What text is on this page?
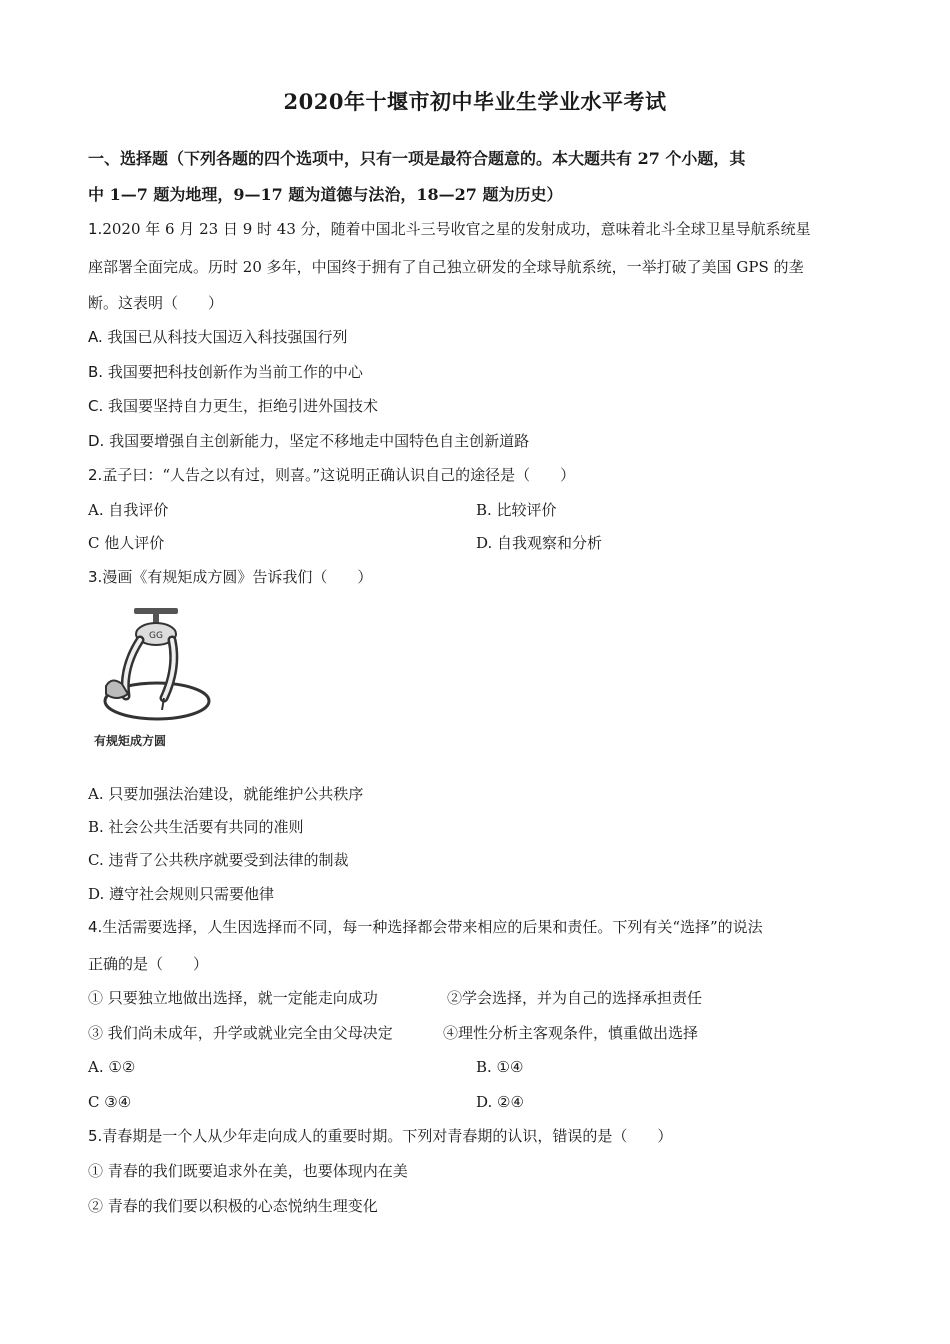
2020年十堰市初中毕业生学业水平考试
一、选择题（下列各题的四个选项中，只有一项是最符合题意的。本大题共有 27 个小题，其
中 1—7 题为地理，9—17 题为道德与法治，18—27 题为历史）
1.2020 年 6 月 23 日 9 时 43 分，随着中国北斗三号收官之星的发射成功，意味着北斗全球卫星导航系统星
座部署全面完成。历时 20 多年，中国终于拥有了自己独立研发的全球导航系统，一举打破了美国 GPS 的垄
断。这表明（　　）
A. 我国已从科技大国迈入科技强国行列
B. 我国要把科技创新作为当前工作的中心
C. 我国要坚持自力更生，拒绝引进外国技术
D. 我国要增强自主创新能力，坚定不移地走中国特色自主创新道路
2.孟子曰：“人告之以有过，则喜。”这说明正确认识自己的途径是（　　）
A. 自我评价	B. 比较评价
C 他人评价	D. 自我观察和分析
3.漫画《有规矩成方圆》告诉我们（　　）
GG
有规矩成方圆
A. 只要加强法治建设，就能维护公共秩序
B. 社会公共生活要有共同的准则
C. 违背了公共秩序就要受到法律的制裁
D. 遵守社会规则只需要他律
4.生活需要选择，人生因选择而不同，每一种选择都会带来相应的后果和责任。下列有关“选择”的说法
正确的是（　　）
① 只要独立地做出选择，就一定能走向成功	②学会选择，并为自己的选择承担责任
③ 我们尚未成年，升学或就业完全由父母决定	④理性分析主客观条件，慎重做出选择
A. ①②	B. ①④
C ③④	D. ②④
5.青春期是一个人从少年走向成人的重要时期。下列对青春期的认识，错误的是（　　）
① 青春的我们既要追求外在美，也要体现内在美
② 青春的我们要以积极的心态悦纳生理变化
